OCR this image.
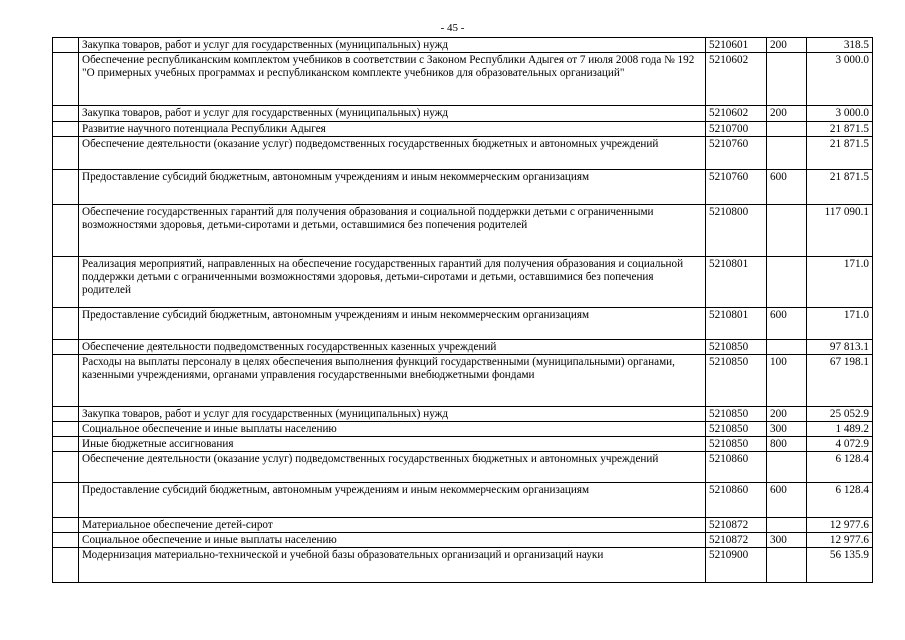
- 45 -
	Закупка товаров, работ и услуг для государственных (муниципальных) нужд	5210601	200	318.5
	Обеспечение республиканским комплектом учебников в соответствии с Законом Республики Адыгея от 7 июля 2008 года № 192 "О примерных учебных программах и республиканском комплекте учебников для образовательных организаций"	5210602		3 000.0
	Закупка товаров, работ и услуг для государственных (муниципальных) нужд	5210602	200	3 000.0
	Развитие научного потенциала Республики Адыгея	5210700		21 871.5
	Обеспечение деятельности (оказание услуг) подведомственных государственных бюджетных и автономных учреждений	5210760		21 871.5
	Предоставление субсидий бюджетным, автономным учреждениям и иным некоммерческим организациям	5210760	600	21 871.5
	Обеспечение государственных гарантий для получения образования и социальной поддержки детьми с ограниченными возможностями здоровья, детьми-сиротами и детьми, оставшимися без попечения родителей	5210800		117 090.1
	Реализация мероприятий, направленных на обеспечение государственных гарантий для получения образования и социальной поддержки детьми с ограниченными возможностями здоровья, детьми-сиротами и детьми, оставшимися без попечения родителей	5210801		171.0
	Предоставление субсидий бюджетным, автономным учреждениям и иным некоммерческим организациям	5210801	600	171.0
	Обеспечение деятельности подведомственных государственных казенных учреждений	5210850		97 813.1
	Расходы на выплаты персоналу в целях обеспечения выполнения функций государственными (муниципальными) органами, казенными учреждениями, органами управления государственными внебюджетными фондами	5210850	100	67 198.1
	Закупка товаров, работ и услуг для государственных (муниципальных) нужд	5210850	200	25 052.9
	Социальное обеспечение и иные выплаты населению	5210850	300	1 489.2
	Иные бюджетные ассигнования	5210850	800	4 072.9
	Обеспечение деятельности (оказание услуг) подведомственных государственных бюджетных и автономных учреждений	5210860		6 128.4
	Предоставление субсидий бюджетным, автономным учреждениям и иным некоммерческим организациям	5210860	600	6 128.4
	Материальное обеспечение детей-сирот	5210872		12 977.6
	Социальное обеспечение и иные выплаты населению	5210872	300	12 977.6
	Модернизация материально-технической и учебной базы образовательных организаций и организаций науки	5210900		56 135.9
